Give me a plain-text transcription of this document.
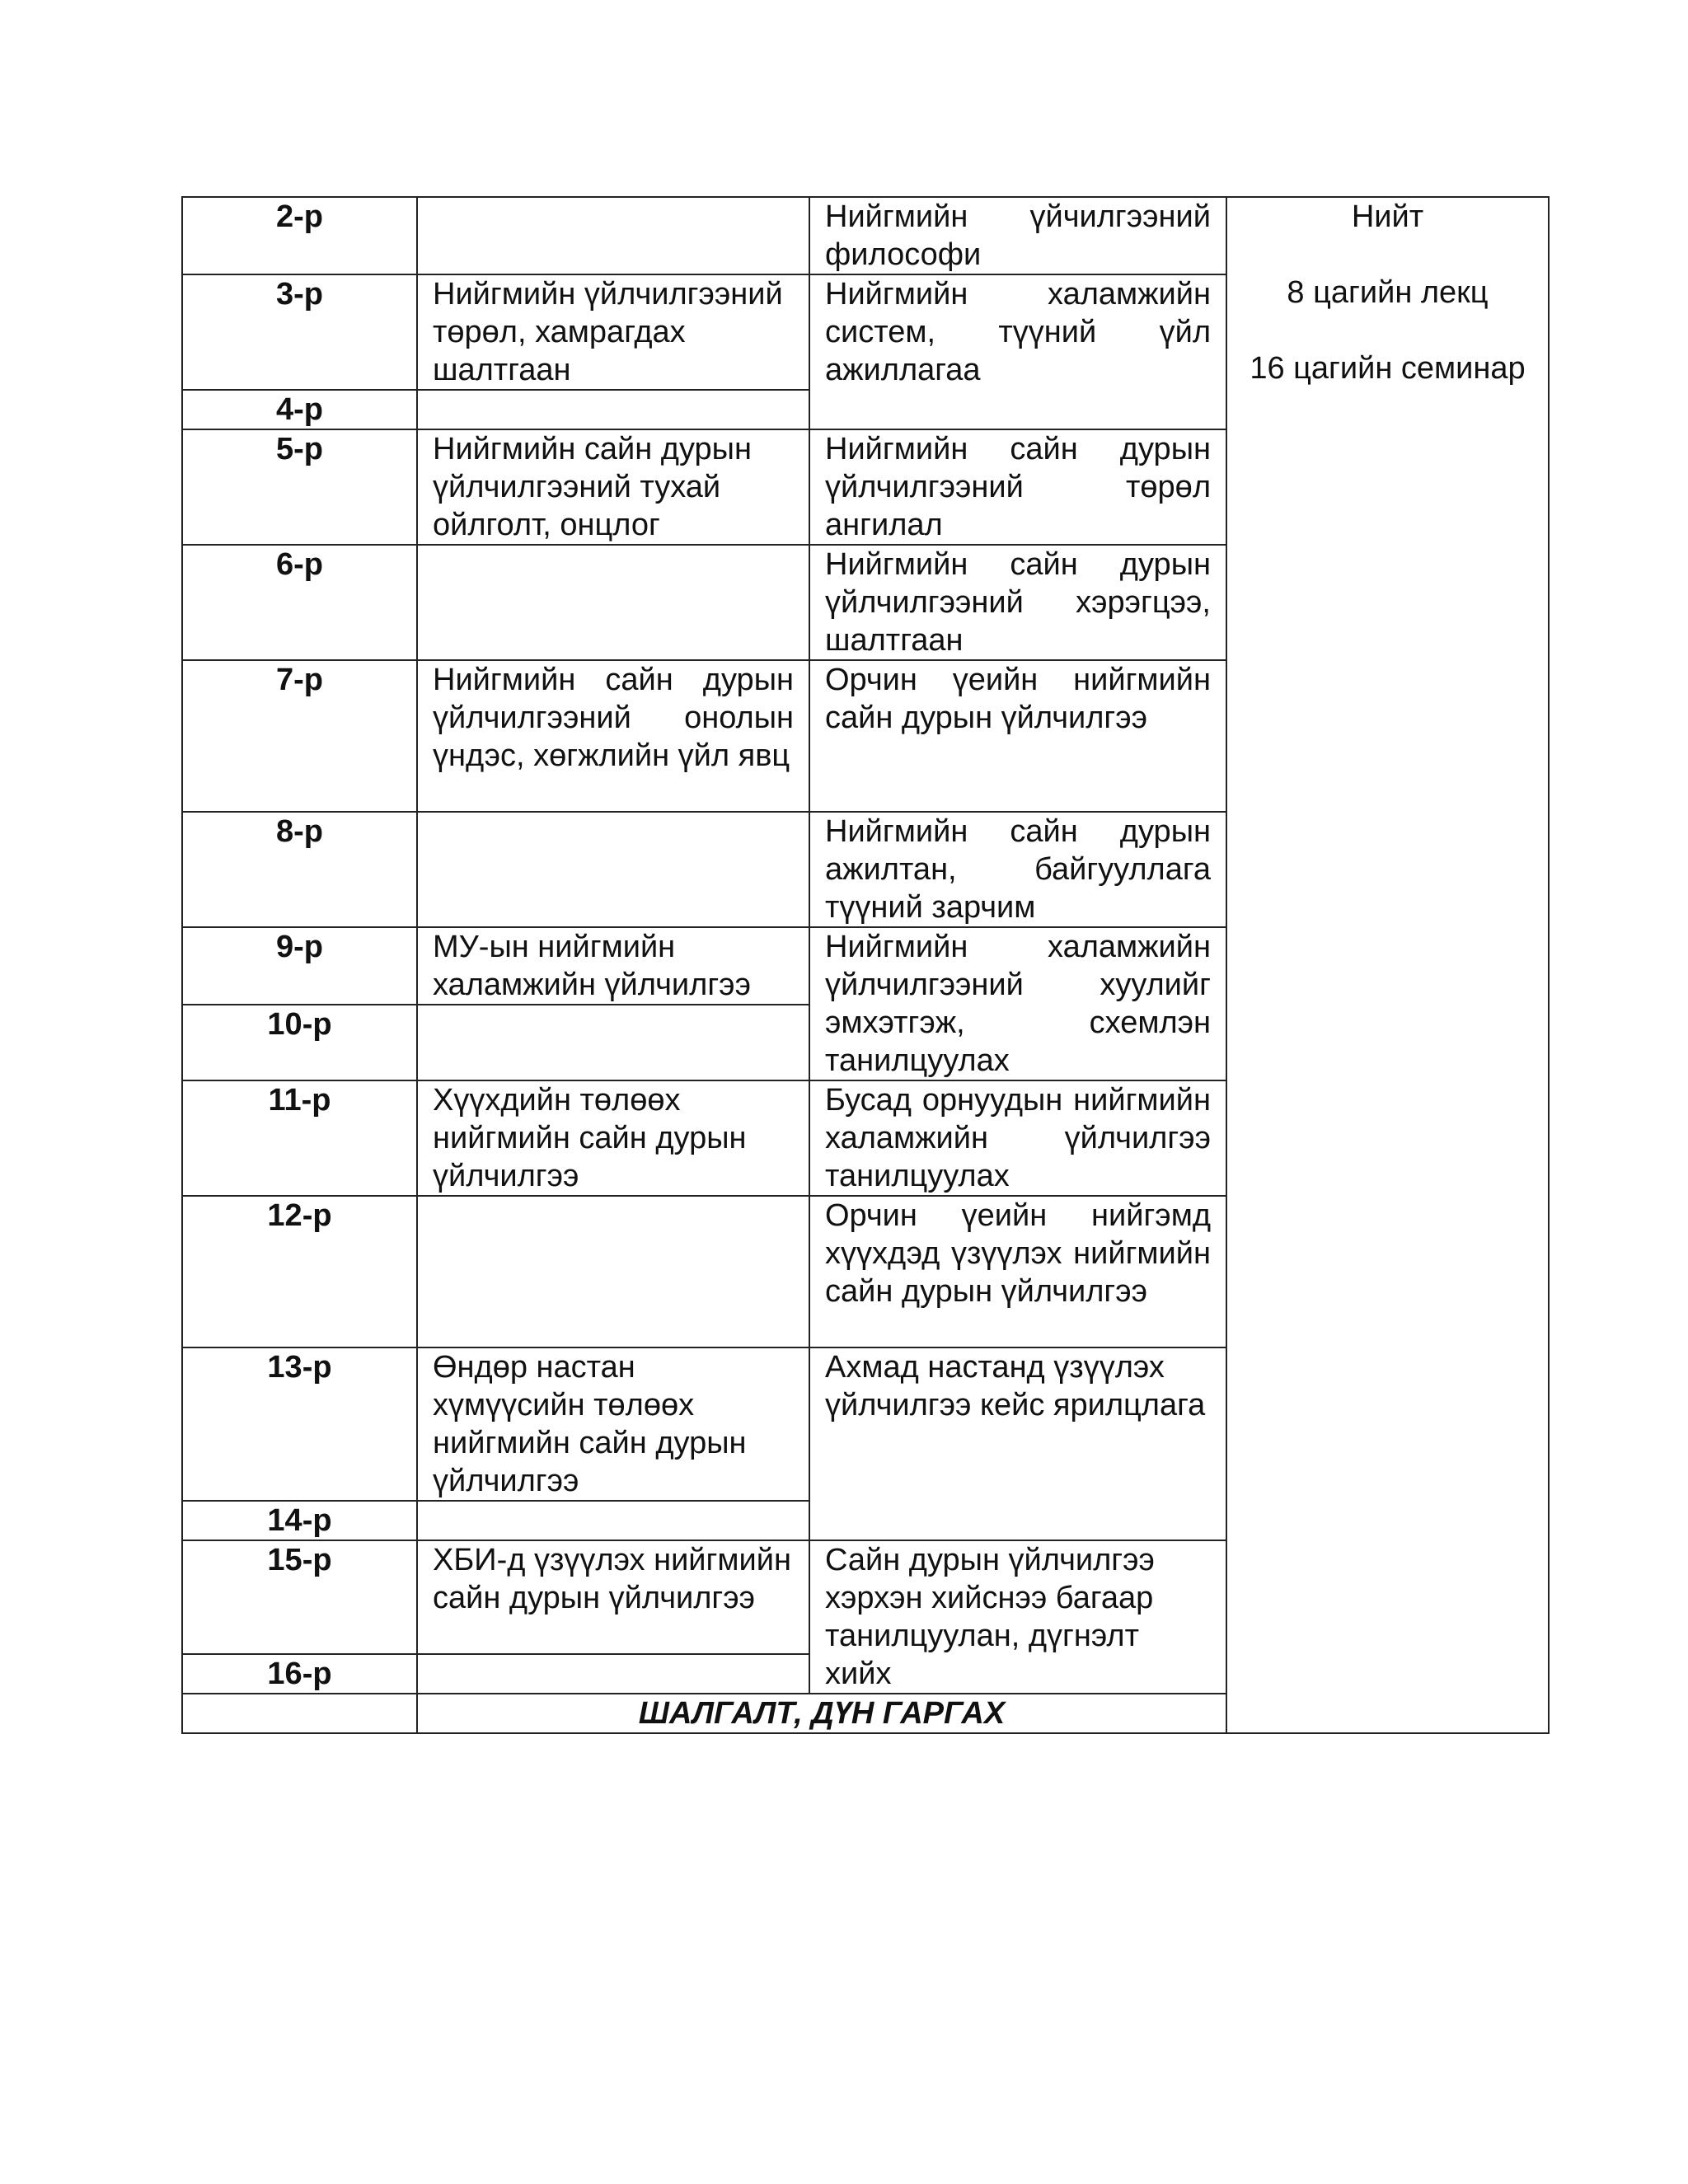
2-р		Нийгмийн үйчилгээний философи	Нийт

8 цагийн лекц

16 цагийн семинар

3-р	Нийгмийн үйлчилгээний төрөл, хамрагдах шалтгаан	Нийгмийн халамжийн систем, түүний үйл ажиллагаа	
4-р			
5-р	Нийгмийн сайн дурын үйлчилгээний тухай ойлголт, онцлог	Нийгмийн сайн дурын үйлчилгээний төрөл ангилал	
6-р		Нийгмийн сайн дурын үйлчилгээний хэрэгцээ, шалтгаан	
7-р	Нийгмийн сайн дурын үйлчилгээний онолын үндэс, хөгжлийн үйл явц	Орчин үеийн нийгмийн сайн дурын үйлчилгээ	
8-р		Нийгмийн сайн дурын ажилтан, байгууллага түүний зарчим	
9-р	МУ-ын нийгмийн халамжийн үйлчилгээ	Нийгмийн халамжийн үйлчилгээний хуулийг эмхэтгэж, схемлэн танилцуулах	
10-р			
11-р	Хүүхдийн төлөөх нийгмийн сайн дурын үйлчилгээ	Бусад орнуудын нийгмийн халамжийн үйлчилгээ танилцуулах	
12-р		Орчин үеийн нийгэмд хүүхдэд үзүүлэх нийгмийн сайн дурын үйлчилгээ	
13-р	Өндөр настан хүмүүсийн төлөөх нийгмийн сайн дурын үйлчилгээ	Ахмад настанд үзүүлэх үйлчилгээ кейс ярилцлага	
14-р			
15-р	ХБИ-д үзүүлэх нийгмийн сайн дурын үйлчилгээ	Сайн дурын үйлчилгээ хэрхэн хийснээ багаар танилцуулан, дүгнэлт хийх	
16-р			
	ШАЛГАЛТ, ДҮН ГАРГАХ		
